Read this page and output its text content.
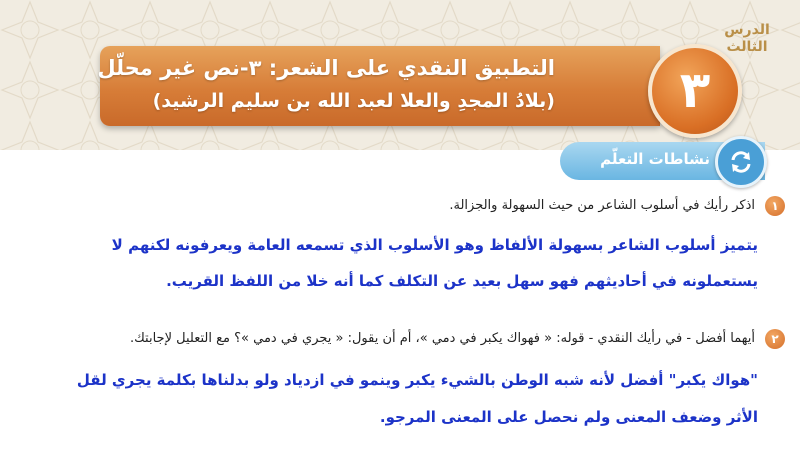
الدرس
الثالث
التطبيق النقدي على الشعر: ٣-نص غير محلّل
(بلادُ المجدِ والعلا لعبد الله بن سليم الرشيد)	٣
نشاطات التعلّم
١
اذكر رأيك في أسلوب الشاعر من حيث السهولة والجزالة.
يتميز أسلوب الشاعر بسهولة الألفاظ وهو الأسلوب الذي تسمعه العامة ويعرفونه لكنهم لا
يستعملونه في أحاديثهم فهو سهل بعيد عن التكلف كما أنه خلا من اللفظ القريب.
٢
أيهما أفضل - في رأيك النقدي - قوله: « فهواك يكبر في دمي »، أم أن يقول: « يجري في دمي »؟ مع التعليل لإجابتك.
"هواك يكبر" أفضل لأنه شبه الوطن بالشيء يكبر وينمو في ازدياد ولو بدلناها بكلمة يجري لقل
الأثر وضعف المعنى ولم نحصل على المعنى المرجو.
